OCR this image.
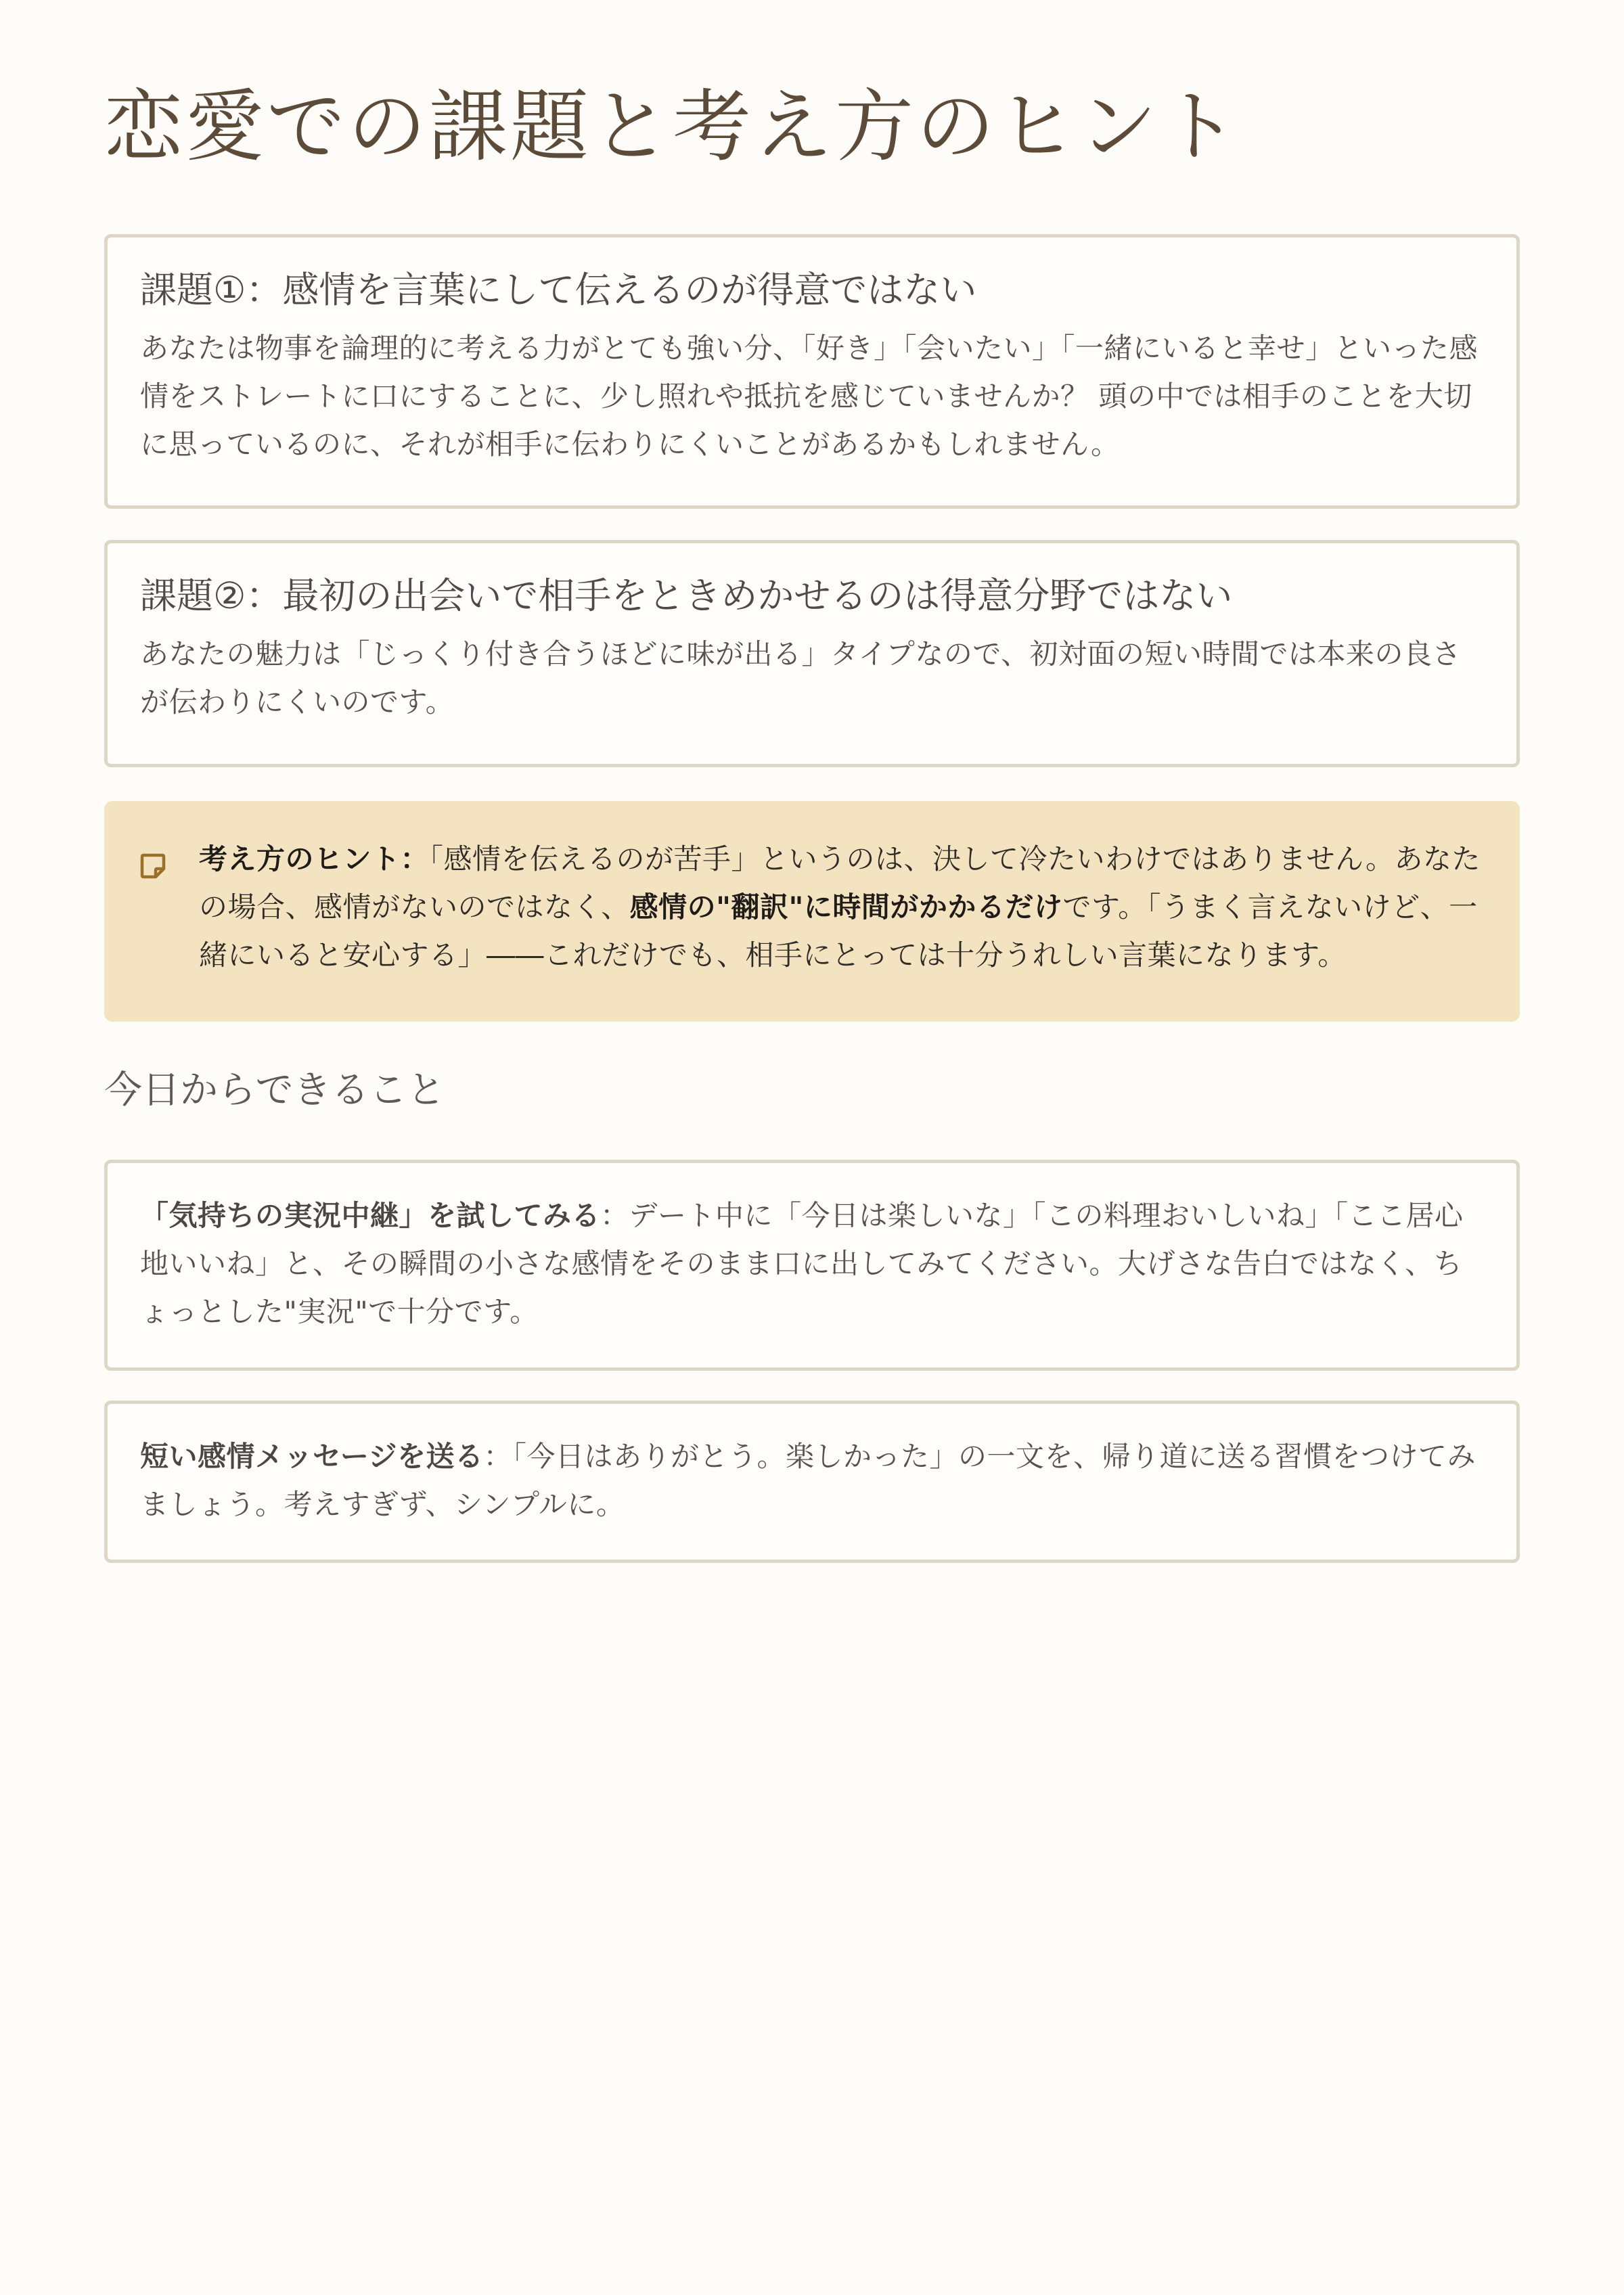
恋愛での課題と考え方のヒント
課題①：感情を言葉にして伝えるのが得意ではない

あなたは物事を論理的に考える力がとても強い分、「好き」「会いたい」「一緒にいると幸せ」といった感情をストレートに口にすることに、少し照れや抵抗を感じていませんか？ 頭の中では相手のことを大切に思っているのに、それが相手に伝わりにくいことがあるかもしれません。

課題②：最初の出会いで相手をときめかせるのは得意分野ではない

あなたの魅力は「じっくり付き合うほどに味が出る」タイプなので、初対面の短い時間では本来の良さが伝わりにくいのです。

考え方のヒント：「感情を伝えるのが苦手」というのは、決して冷たいわけではありません。あなたの場合、感情がないのではなく、感情の"翻訳"に時間がかかるだけです。「うまく言えないけど、一緒にいると安心する」――これだけでも、相手にとっては十分うれしい言葉になります。

今日からできること

「気持ちの実況中継」を試してみる：デート中に「今日は楽しいな」「この料理おいしいね」「ここ居心地いいね」と、その瞬間の小さな感情をそのまま口に出してみてください。大げさな告白ではなく、ちょっとした"実況"で十分です。

短い感情メッセージを送る：「今日はありがとう。楽しかった」の一文を、帰り道に送る習慣をつけてみましょう。考えすぎず、シンプルに。
